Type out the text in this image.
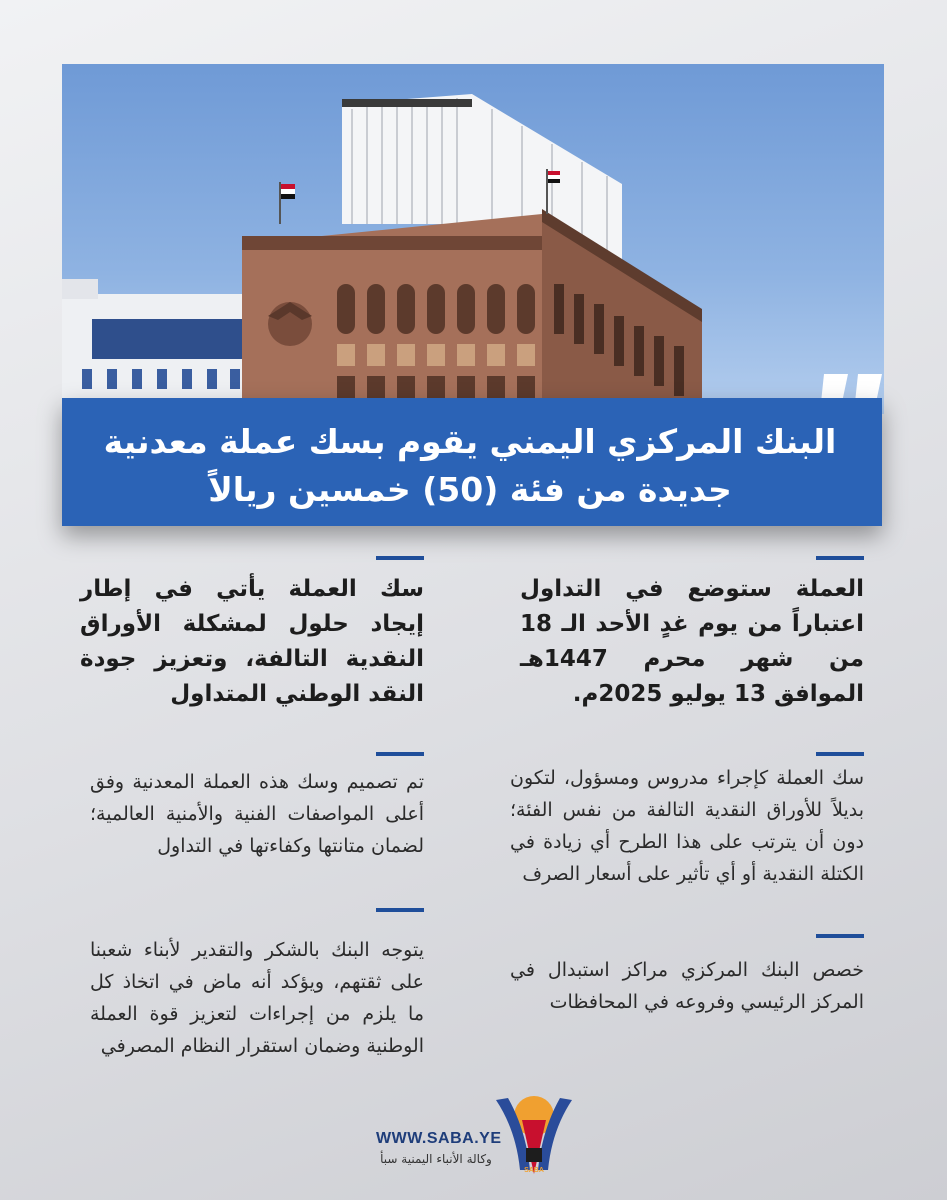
البنك المركزي اليمني يقوم بسك عملة معدنية
جديدة من فئة (50) خمسين ريالاً

العملة ستوضع في التداول اعتباراً من يوم غدٍ الأحد الـ 18 من شهر محرم 1447هـ الموافق 13 يوليو 2025م.

سك العملة كإجراء مدروس ومسؤول، لتكون بديلاً للأوراق النقدية التالفة من نفس الفئة؛ دون أن يترتب على هذا الطرح أي زيادة في الكتلة النقدية أو أي تأثير على أسعار الصرف

خصص البنك المركزي مراكز استبدال في المركز الرئيسي وفروعه في المحافظات

سك العملة يأتي في إطار إيجاد حلول لمشكلة الأوراق النقدية التالفة، وتعزيز جودة النقد الوطني المتداول

تم تصميم وسك هذه العملة المعدنية وفق أعلى المواصفات الفنية والأمنية العالمية؛ لضمان متانتها وكفاءتها في التداول

يتوجه البنك بالشكر والتقدير لأبناء شعبنا على ثقتهم، ويؤكد أنه ماض في اتخاذ كل ما يلزم من إجراءات لتعزيز قوة العملة الوطنية وضمان استقرار النظام المصرفي

SABA
WWW.SABA.YE
وكالة الأنباء اليمنية سبأ
